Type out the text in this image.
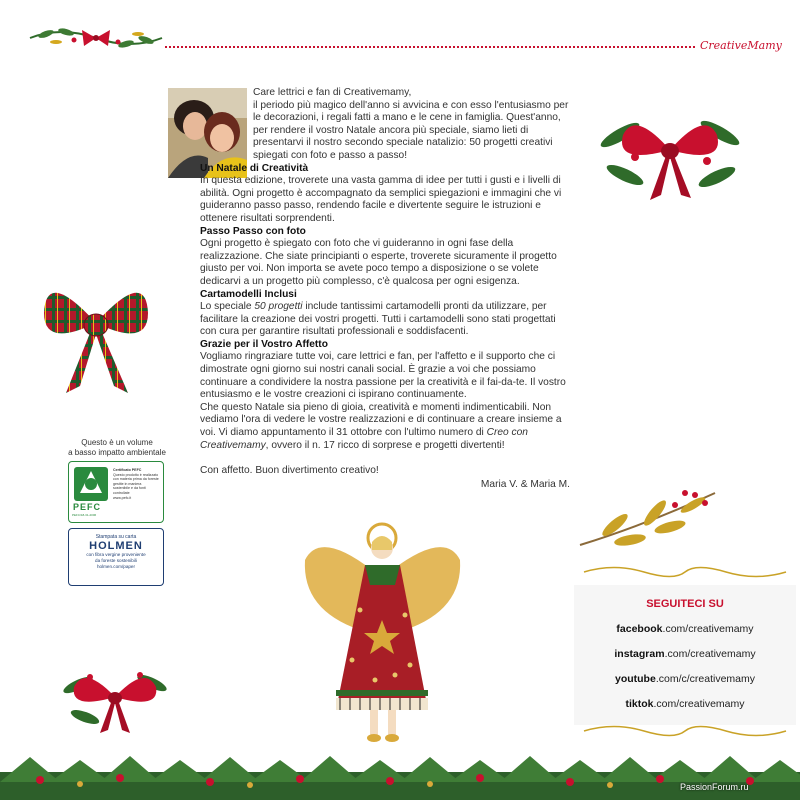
CreativeMamy

Care lettrici e fan di Creativemamy,

il periodo più magico dell'anno si avvicina e con esso l'entusiasmo per le decorazioni, i regali fatti a mano e le cene in famiglia. Quest'anno, per rendere il vostro Natale ancora più speciale, siamo lieti di presentarvi il nostro secondo speciale natalizio: 50 progetti creativi spiegati con foto e passo a passo!

Un Natale di Creatività

In questa edizione, troverete una vasta gamma di idee per tutti i gusti e i livelli di abilità. Ogni progetto è accompagnato da semplici spiegazioni e immagini che vi guideranno passo passo, rendendo facile e divertente seguire le istruzioni e ottenere risultati sorprendenti.

Passo Passo con foto

Ogni progetto è spiegato con foto che vi guideranno in ogni fase della realizzazione. Che siate principianti o esperte, troverete sicuramente il progetto giusto per voi. Non importa se avete poco tempo a disposizione o se volete dedicarvi a un progetto più complesso, c'è qualcosa per ogni esigenza.

Cartamodelli Inclusi

Lo speciale 50 progetti include tantissimi cartamodelli pronti da utilizzare, per facilitare la creazione dei vostri progetti. Tutti i cartamodelli sono stati progettati con cura per garantire risultati professionali e soddisfacenti.

Grazie per il Vostro Affetto

Vogliamo ringraziare tutte voi, care lettrici e fan, per l'affetto e il supporto che ci dimostrate ogni giorno sui nostri canali social. È grazie a voi che possiamo continuare a condividere la nostra passione per la creatività e il fai-da-te. Il vostro entusiasmo e le vostre creazioni ci ispirano continuamente.

Che questo Natale sia pieno di gioia, creatività e momenti indimenticabili. Non vediamo l'ora di vedere le vostre realizzazioni e di continuare a creare insieme a voi. Vi diamo appuntamento il 31 ottobre con l'ultimo numero di Creo con Creativemamy, ovvero il n. 17 ricco di sorprese e progetti divertenti!

Con affetto. Buon divertimento creativo!

Maria V. & Maria M.

Questo è un volume
a basso impatto ambientale
PEFC
PEFC/18-31-2006
Certificato PEFC
Questo prodotto è realizzato con materia prima da foreste gestite in maniera sostenibile e da fonti controllate
www.pefc.it
Stampata su carta
HOLMEN
con fibra vergine proveniente
da foreste sostenibili
holmen.com/paper
SEGUITECI SU
facebook.com/creativemamy
instagram.com/creativemamy
youtube.com/c/creativemamy
tiktok.com/creativemamy
PassionForum.ru
